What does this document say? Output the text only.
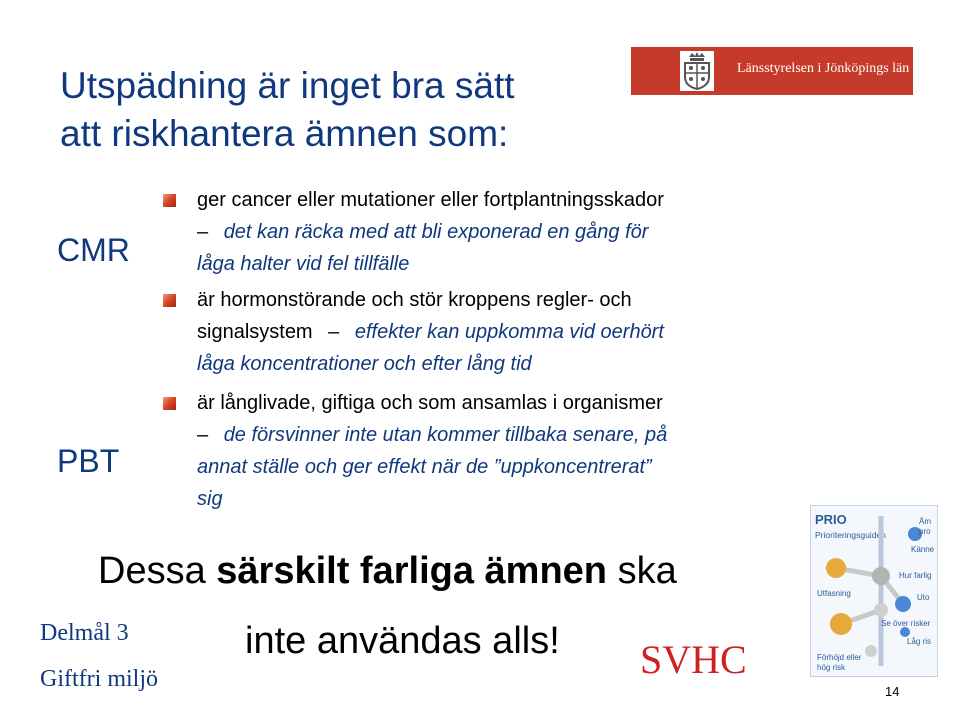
Utspädning är inget bra sätt
att riskhantera ämnen som:
Länsstyrelsen i Jönköpings län
CMR
PBT
ger cancer eller mutationer eller fortplantningsskador
– det kan räcka med att bli exponerad en gång för
låga halter vid fel tillfälle
är hormonstörande och stör kroppens regler- och
signalsystem – effekter kan uppkomma vid oerhört
låga koncentrationer och efter lång tid
är långlivade, giftiga och som ansamlas i organismer
– de försvinner inte utan kommer tillbaka senare, på
annat ställe och ger effekt när de ”uppkoncentrerat”
sig
Dessa särskilt farliga ämnen ska
inte användas alls! SVHC
Delmål 3
Giftfri miljö
PRIO
Prioriteringsguiden
Äm
pro
Känne
Hur farlig
Utfasning	Uto
Se över risker
Låg ris
Förhöjd eller
hög risk
14
